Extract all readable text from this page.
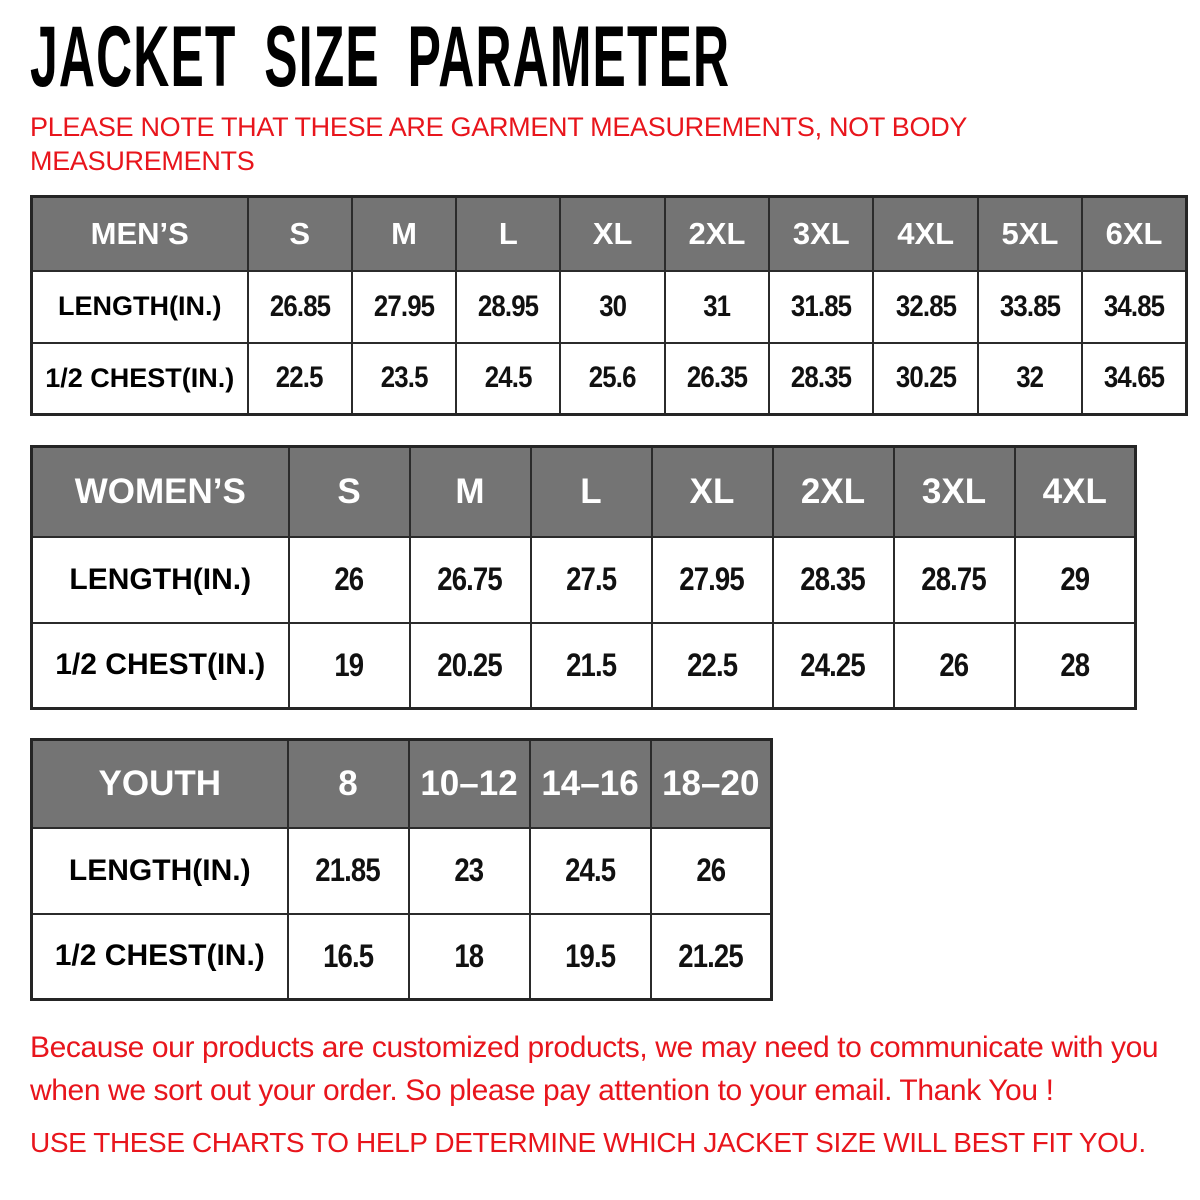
JACKET SIZE PARAMETER
PLEASE NOTE THAT THESE ARE GARMENT MEASUREMENTS, NOT BODY
MEASUREMENTS
MEN’S	S	M	L	XL	2XL	3XL	4XL	5XL	6XL
LENGTH(IN.)	26.85	27.95	28.95	30	31	31.85	32.85	33.85	34.85
1/2 CHEST(IN.)	22.5	23.5	24.5	25.6	26.35	28.35	30.25	32	34.65
WOMEN’S	S	M	L	XL	2XL	3XL	4XL
LENGTH(IN.)	26	26.75	27.5	27.95	28.35	28.75	29
1/2 CHEST(IN.)	19	20.25	21.5	22.5	24.25	26	28
YOUTH	8	10–12	14–16	18–20
LENGTH(IN.)	21.85	23	24.5	26
1/2 CHEST(IN.)	16.5	18	19.5	21.25

Because our products are customized products, we may need to communicate with you
when we sort out your order. So please pay attention to your email. Thank You !

USE THESE CHARTS TO HELP DETERMINE WHICH JACKET SIZE WILL BEST FIT YOU.
